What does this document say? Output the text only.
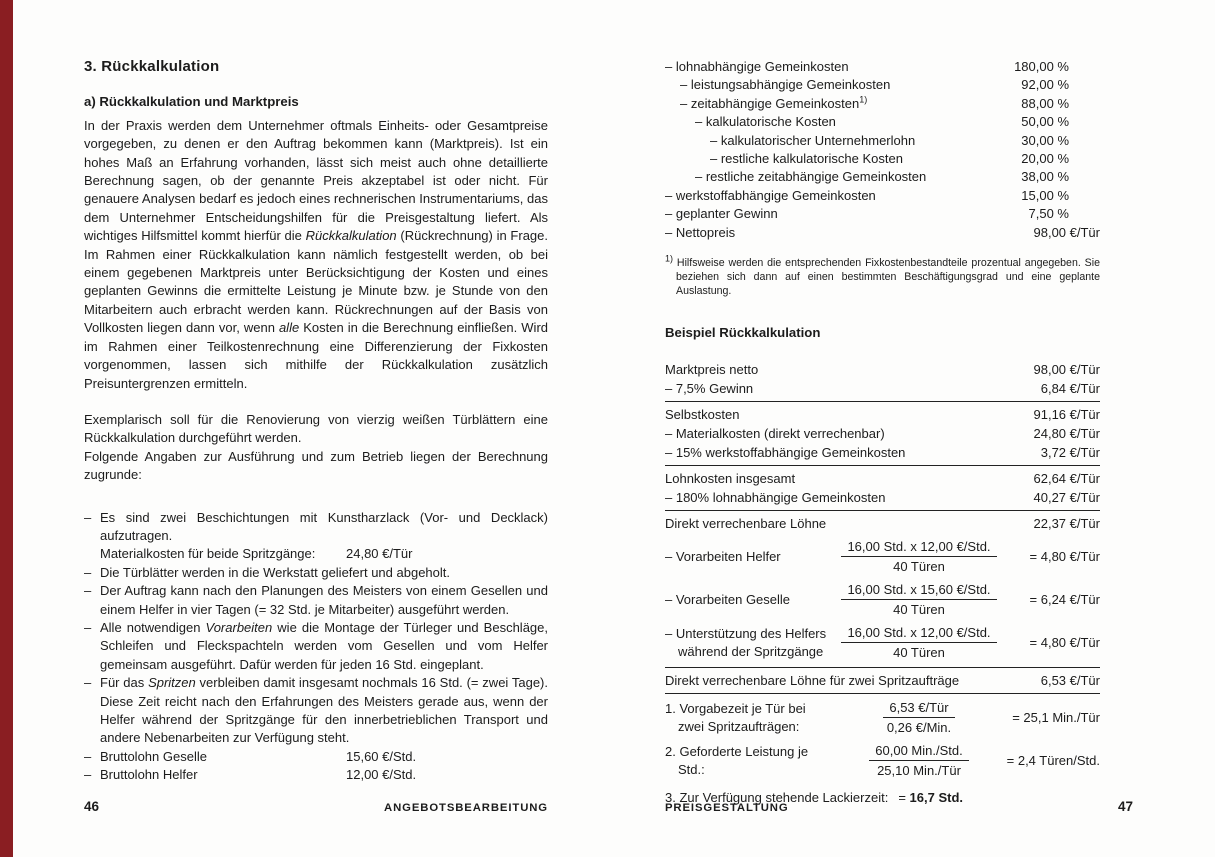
3. Rückkalkulation
a) Rückkalkulation und Marktpreis
In der Praxis werden dem Unternehmer oftmals Einheits- oder Gesamtpreise vorgegeben, zu denen er den Auftrag bekommen kann (Marktpreis). Ist ein hohes Maß an Erfahrung vorhanden, lässt sich meist auch ohne detaillierte Berechnung sagen, ob der genannte Preis akzeptabel ist oder nicht. Für genauere Analysen bedarf es jedoch eines rechnerischen Instrumentariums, das dem Unternehmer Entscheidungshilfen für die Preisgestaltung liefert. Als wichtiges Hilfsmittel kommt hierfür die Rückkalkulation (Rückrechnung) in Frage. Im Rahmen einer Rückkalkulation kann nämlich festgestellt werden, ob bei einem gegebenen Marktpreis unter Berücksichtigung der Kosten und eines geplanten Gewinns die ermittelte Leistung je Minute bzw. je Stunde von den Mitarbeitern auch erbracht werden kann. Rückrechnungen auf der Basis von Vollkosten liegen dann vor, wenn alle Kosten in die Berechnung einfließen. Wird im Rahmen einer Teilkostenrechnung eine Differenzierung der Fixkosten vorgenommen, lassen sich mithilfe der Rückkalkulation zusätzlich Preisuntergrenzen ermitteln.
Exemplarisch soll für die Renovierung von vierzig weißen Türblättern eine Rückkalkulation durchgeführt werden.
Folgende Angaben zur Ausführung und zum Betrieb liegen der Berechnung zugrunde:
– Es sind zwei Beschichtungen mit Kunstharzlack (Vor- und Decklack) aufzutragen.
Materialkosten für beide Spritzgänge: 24,80 €/Tür
– Die Türblätter werden in die Werkstatt geliefert und abgeholt.
– Der Auftrag kann nach den Planungen des Meisters von einem Gesellen und einem Helfer in vier Tagen (= 32 Std. je Mitarbeiter) ausgeführt werden.
– Alle notwendigen Vorarbeiten wie die Montage der Türleger und Beschläge, Schleifen und Fleckspachteln werden vom Gesellen und vom Helfer gemeinsam ausgeführt. Dafür werden für jeden 16 Std. eingeplant.
– Für das Spritzen verbleiben damit insgesamt nochmals 16 Std. (= zwei Tage). Diese Zeit reicht nach den Erfahrungen des Meisters gerade aus, wenn der Helfer während der Spritzgänge für den innerbetrieblichen Transport und andere Nebenarbeiten zur Verfügung steht.
– Bruttolohn Geselle	15,60 €/Std.
– Bruttolohn Helfer	12,00 €/Std.
– lohnabhängige Gemeinkosten	180,00 %
– leistungsabhängige Gemeinkosten	92,00 %
– zeitabhängige Gemeinkosten$^{1)}$	88,00 %
– kalkulatorische Kosten	50,00 %
– kalkulatorischer Unternehmerlohn	30,00 %
– restliche kalkulatorische Kosten	20,00 %
– restliche zeitabhängige Gemeinkosten	38,00 %
– werkstoffabhängige Gemeinkosten	15,00 %
– geplanter Gewinn	7,50 %
– Nettopreis	98,00 €/Tür
$^{1)}$ Hilfsweise werden die entsprechenden Fixkostenbestandteile prozentual angegeben. Sie beziehen sich dann auf einen bestimmten Beschäftigungsgrad und eine geplante Auslastung.
Beispiel Rückkalkulation
Marktpreis netto	98,00 €/Tür
– 7,5% Gewinn	6,84 €/Tür
Selbstkosten	91,16 €/Tür
– Materialkosten (direkt verrechenbar)	24,80 €/Tür
– 15% werkstoffabhängige Gemeinkosten	3,72 €/Tür
Lohnkosten insgesamt	62,64 €/Tür
– 180% lohnabhängige Gemeinkosten	40,27 €/Tür
Direkt verrechenbare Löhne	22,37 €/Tür
– Vorarbeiten Helfer	$\frac{\text{16,00 Std. x 12,00 €/Std.}}{\text{40 Türen}}$	= 4,80 €/Tür
– Vorarbeiten Geselle	$\frac{\text{16,00 Std. x 15,60 €/Std.}}{\text{40 Türen}}$	= 6,24 €/Tür
– Unterstützung des Helfers während der Spritzgänge $\frac{\text{16,00 Std. x 12,00 €/Std.}}{\text{40 Türen}}$	= 4,80 €/Tür
Direkt verrechenbare Löhne für zwei Spritzaufträge	6,53 €/Tür
1. Vorgabezeit je Tür bei zwei Spritzaufträgen:	$\frac{\text{6,53 €/Tür}}{\text{0,26 €/Min.}} = 25,1$ Min./Tür
2. Geforderte Leistung je Std.:	$\frac{\text{60,00 Min./Std.}}{\text{25,10 Min./Tür}} = 2,4$ Türen/Std.
3. Zur Verfügung stehende Lackierzeit: = 16,7 Std.
46	ANGEBOTSBEARBEITUNG	PREISGESTALTUNG	47
